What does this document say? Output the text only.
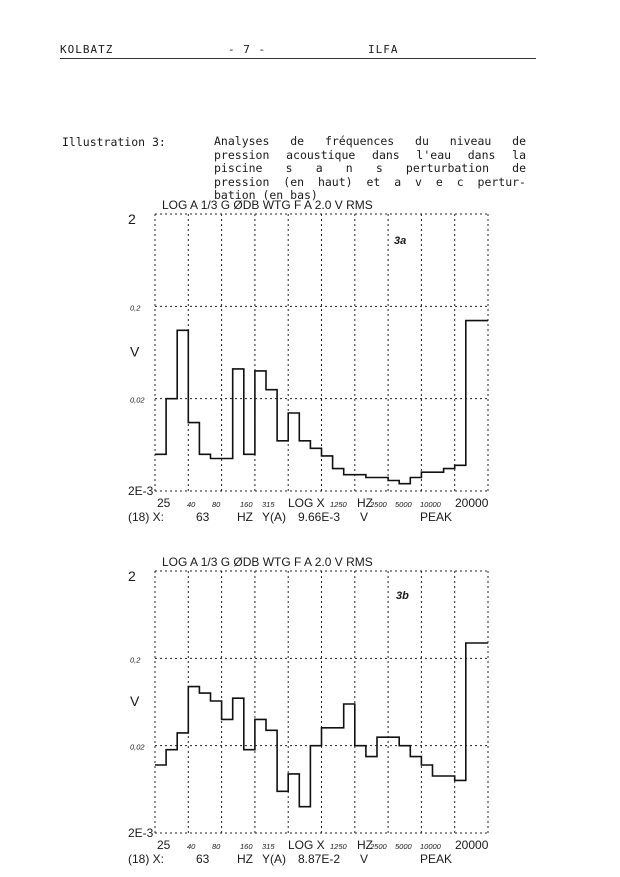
KOLBATZ	- 7 -	ILFA
Illustration 3:	Analyses de fréquences du niveau de
pression acoustique dans l'eau dans la
piscine s a n s perturbation de
pression (en haut) et a v e c pertur-
bation (en bas)
LOG A 1/3 G ØDB WTG F A 2.0 V RMS
3a
2
0,2
0,02
2E-3
V
25 40 80	160 315 LOG X 1250 HZ
2500 5000 10000 20000
(18) X:	63 HZ Y(A) 9.66E-3 V	PEAK
LOG A 1/3 G ØDB WTG F A 2.0 V RMS
3b
2
0,2
0,02
2E-3
V
25 40 80	160 315 LOG X 1250 HZ
2500 5000 10000 20000
(18) X:	63 HZ Y(A) 8.87E-2 V	PEAK
